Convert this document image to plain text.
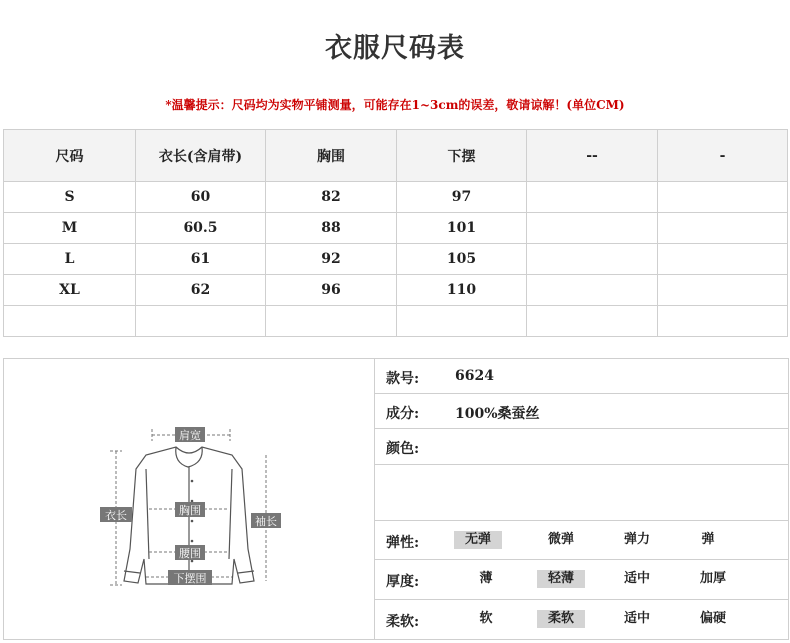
衣服尺码表
*温馨提示：尺码均为实物平铺测量，可能存在1~3cm的误差，敬请谅解！(单位CM)
尺码	衣长(含肩带)	胸围	下摆	--	-
S	60	82	97		
M	60.5	88	101		
L	61	92	105		
XL	62	96	110		

肩宽
衣长	胸围
袖长
腰围
下摆围
款号:	6624
成分:	100%桑蚕丝
颜色:
弹性:	无弹	微弹	弹力	弹
厚度:	薄	轻薄	适中	加厚
柔软:	软	柔软	适中	偏硬
